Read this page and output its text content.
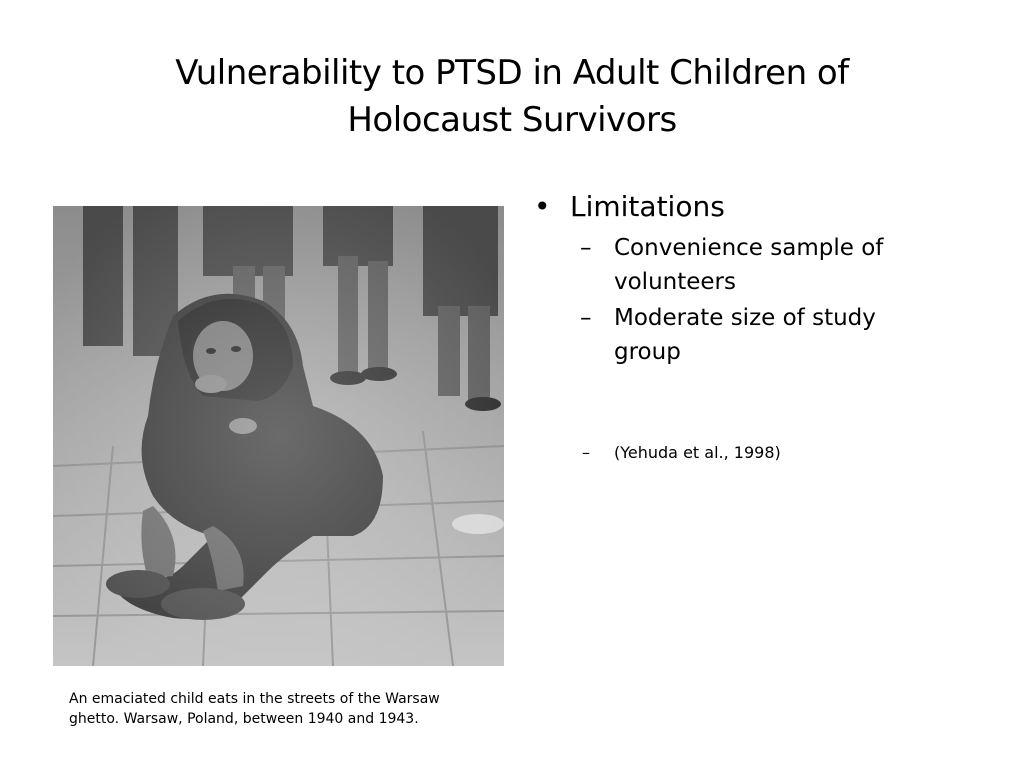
Vulnerability to PTSD in Adult Children of
Holocaust Survivors
An emaciated child eats in the streets of the Warsaw
ghetto. Warsaw, Poland, between 1940 and 1943.
• Limitations
– Convenience sample of
volunteers
– Moderate size of study
group
– (Yehuda et al., 1998)
